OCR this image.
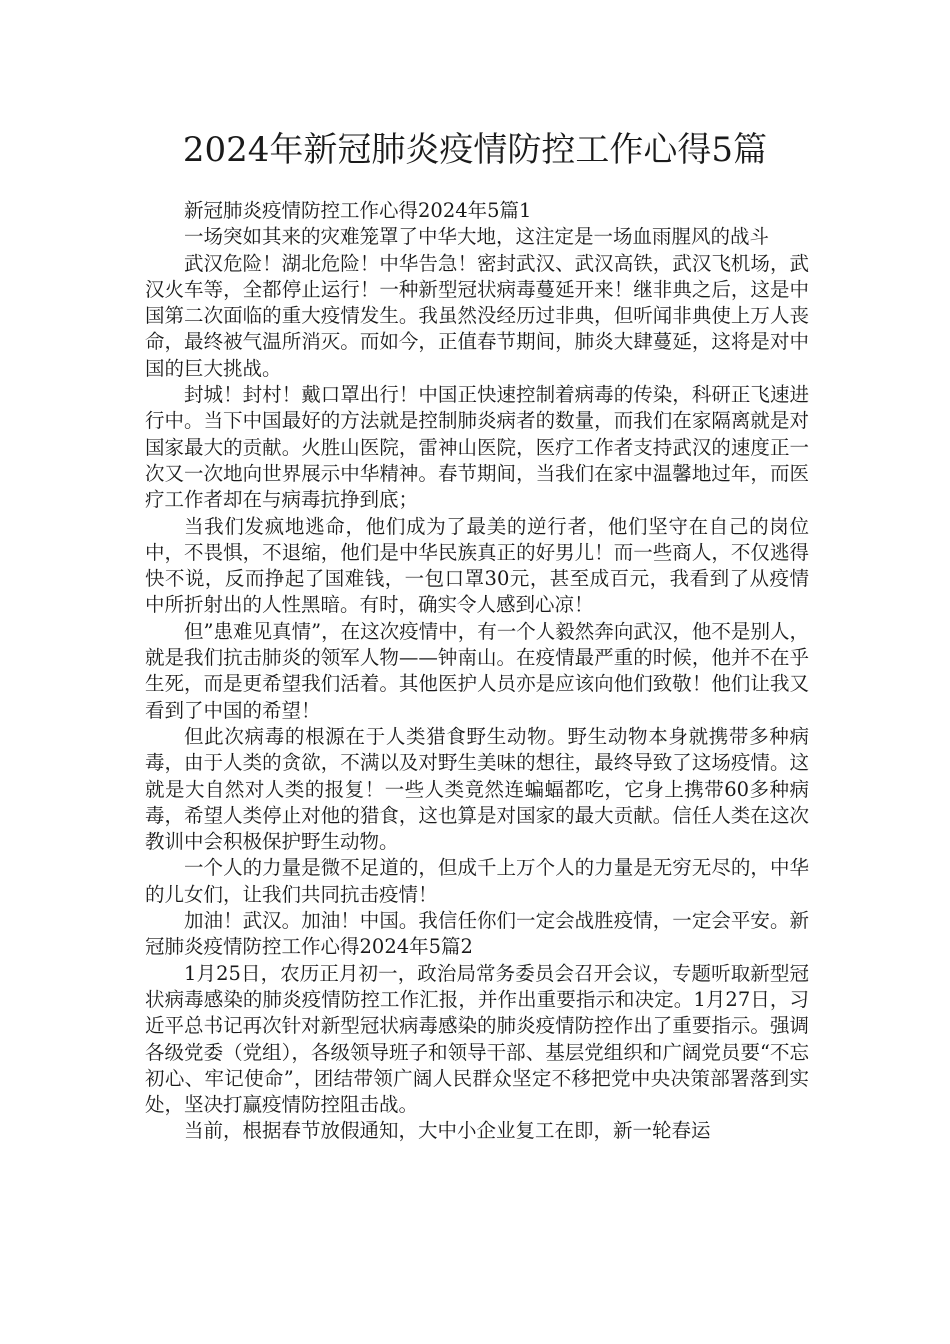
2024年新冠肺炎疫情防控工作心得5篇

新冠肺炎疫情防控工作心得2024年5篇1

一场突如其来的灾难笼罩了中华大地，这注定是一场血雨腥风的战斗

武汉危险！湖北危险！中华告急！密封武汉、武汉高铁，武汉飞机场，武汉火车等，全都停止运行！一种新型冠状病毒蔓延开来！继非典之后，这是中国第二次面临的重大疫情发生。我虽然没经历过非典，但听闻非典使上万人丧命，最终被气温所消灭。而如今，正值春节期间，肺炎大肆蔓延，这将是对中国的巨大挑战。

封城！封村！戴口罩出行！中国正快速控制着病毒的传染，科研正飞速进行中。当下中国最好的方法就是控制肺炎病者的数量，而我们在家隔离就是对国家最大的贡献。火胜山医院，雷神山医院，医疗工作者支持武汉的速度正一次又一次地向世界展示中华精神。春节期间，当我们在家中温馨地过年，而医疗工作者却在与病毒抗挣到底；

当我们发疯地逃命，他们成为了最美的逆行者，他们坚守在自己的岗位中，不畏惧，不退缩，他们是中华民族真正的好男儿！而一些商人，不仅逃得快不说，反而挣起了国难钱，一包口罩30元，甚至成百元，我看到了从疫情中所折射出的人性黑暗。有时，确实令人感到心凉！

但”患难见真情”，在这次疫情中，有一个人毅然奔向武汉，他不是别人，就是我们抗击肺炎的领军人物——钟南山。在疫情最严重的时候，他并不在乎生死，而是更希望我们活着。其他医护人员亦是应该向他们致敬！他们让我又看到了中国的希望！

但此次病毒的根源在于人类猎食野生动物。野生动物本身就携带多种病毒，由于人类的贪欲，不满以及对野生美味的想往，最终导致了这场疫情。这就是大自然对人类的报复！一些人类竟然连蝙蝠都吃，它身上携带60多种病毒，希望人类停止对他的猎食，这也算是对国家的最大贡献。信任人类在这次教训中会积极保护野生动物。

一个人的力量是微不足道的，但成千上万个人的力量是无穷无尽的，中华的儿女们，让我们共同抗击疫情！

加油！武汉。加油！中国。我信任你们一定会战胜疫情，一定会平安。新冠肺炎疫情防控工作心得2024年5篇2

1月25日，农历正月初一，政治局常务委员会召开会议，专题听取新型冠状病毒感染的肺炎疫情防控工作汇报，并作出重要指示和决定。1月27日，习近平总书记再次针对新型冠状病毒感染的肺炎疫情防控作出了重要指示。强调各级党委（党组），各级领导班子和领导干部、基层党组织和广阔党员要“不忘初心、牢记使命”，团结带领广阔人民群众坚定不移把党中央决策部署落到实处，坚决打赢疫情防控阻击战。

当前，根据春节放假通知，大中小企业复工在即，新一轮春运
